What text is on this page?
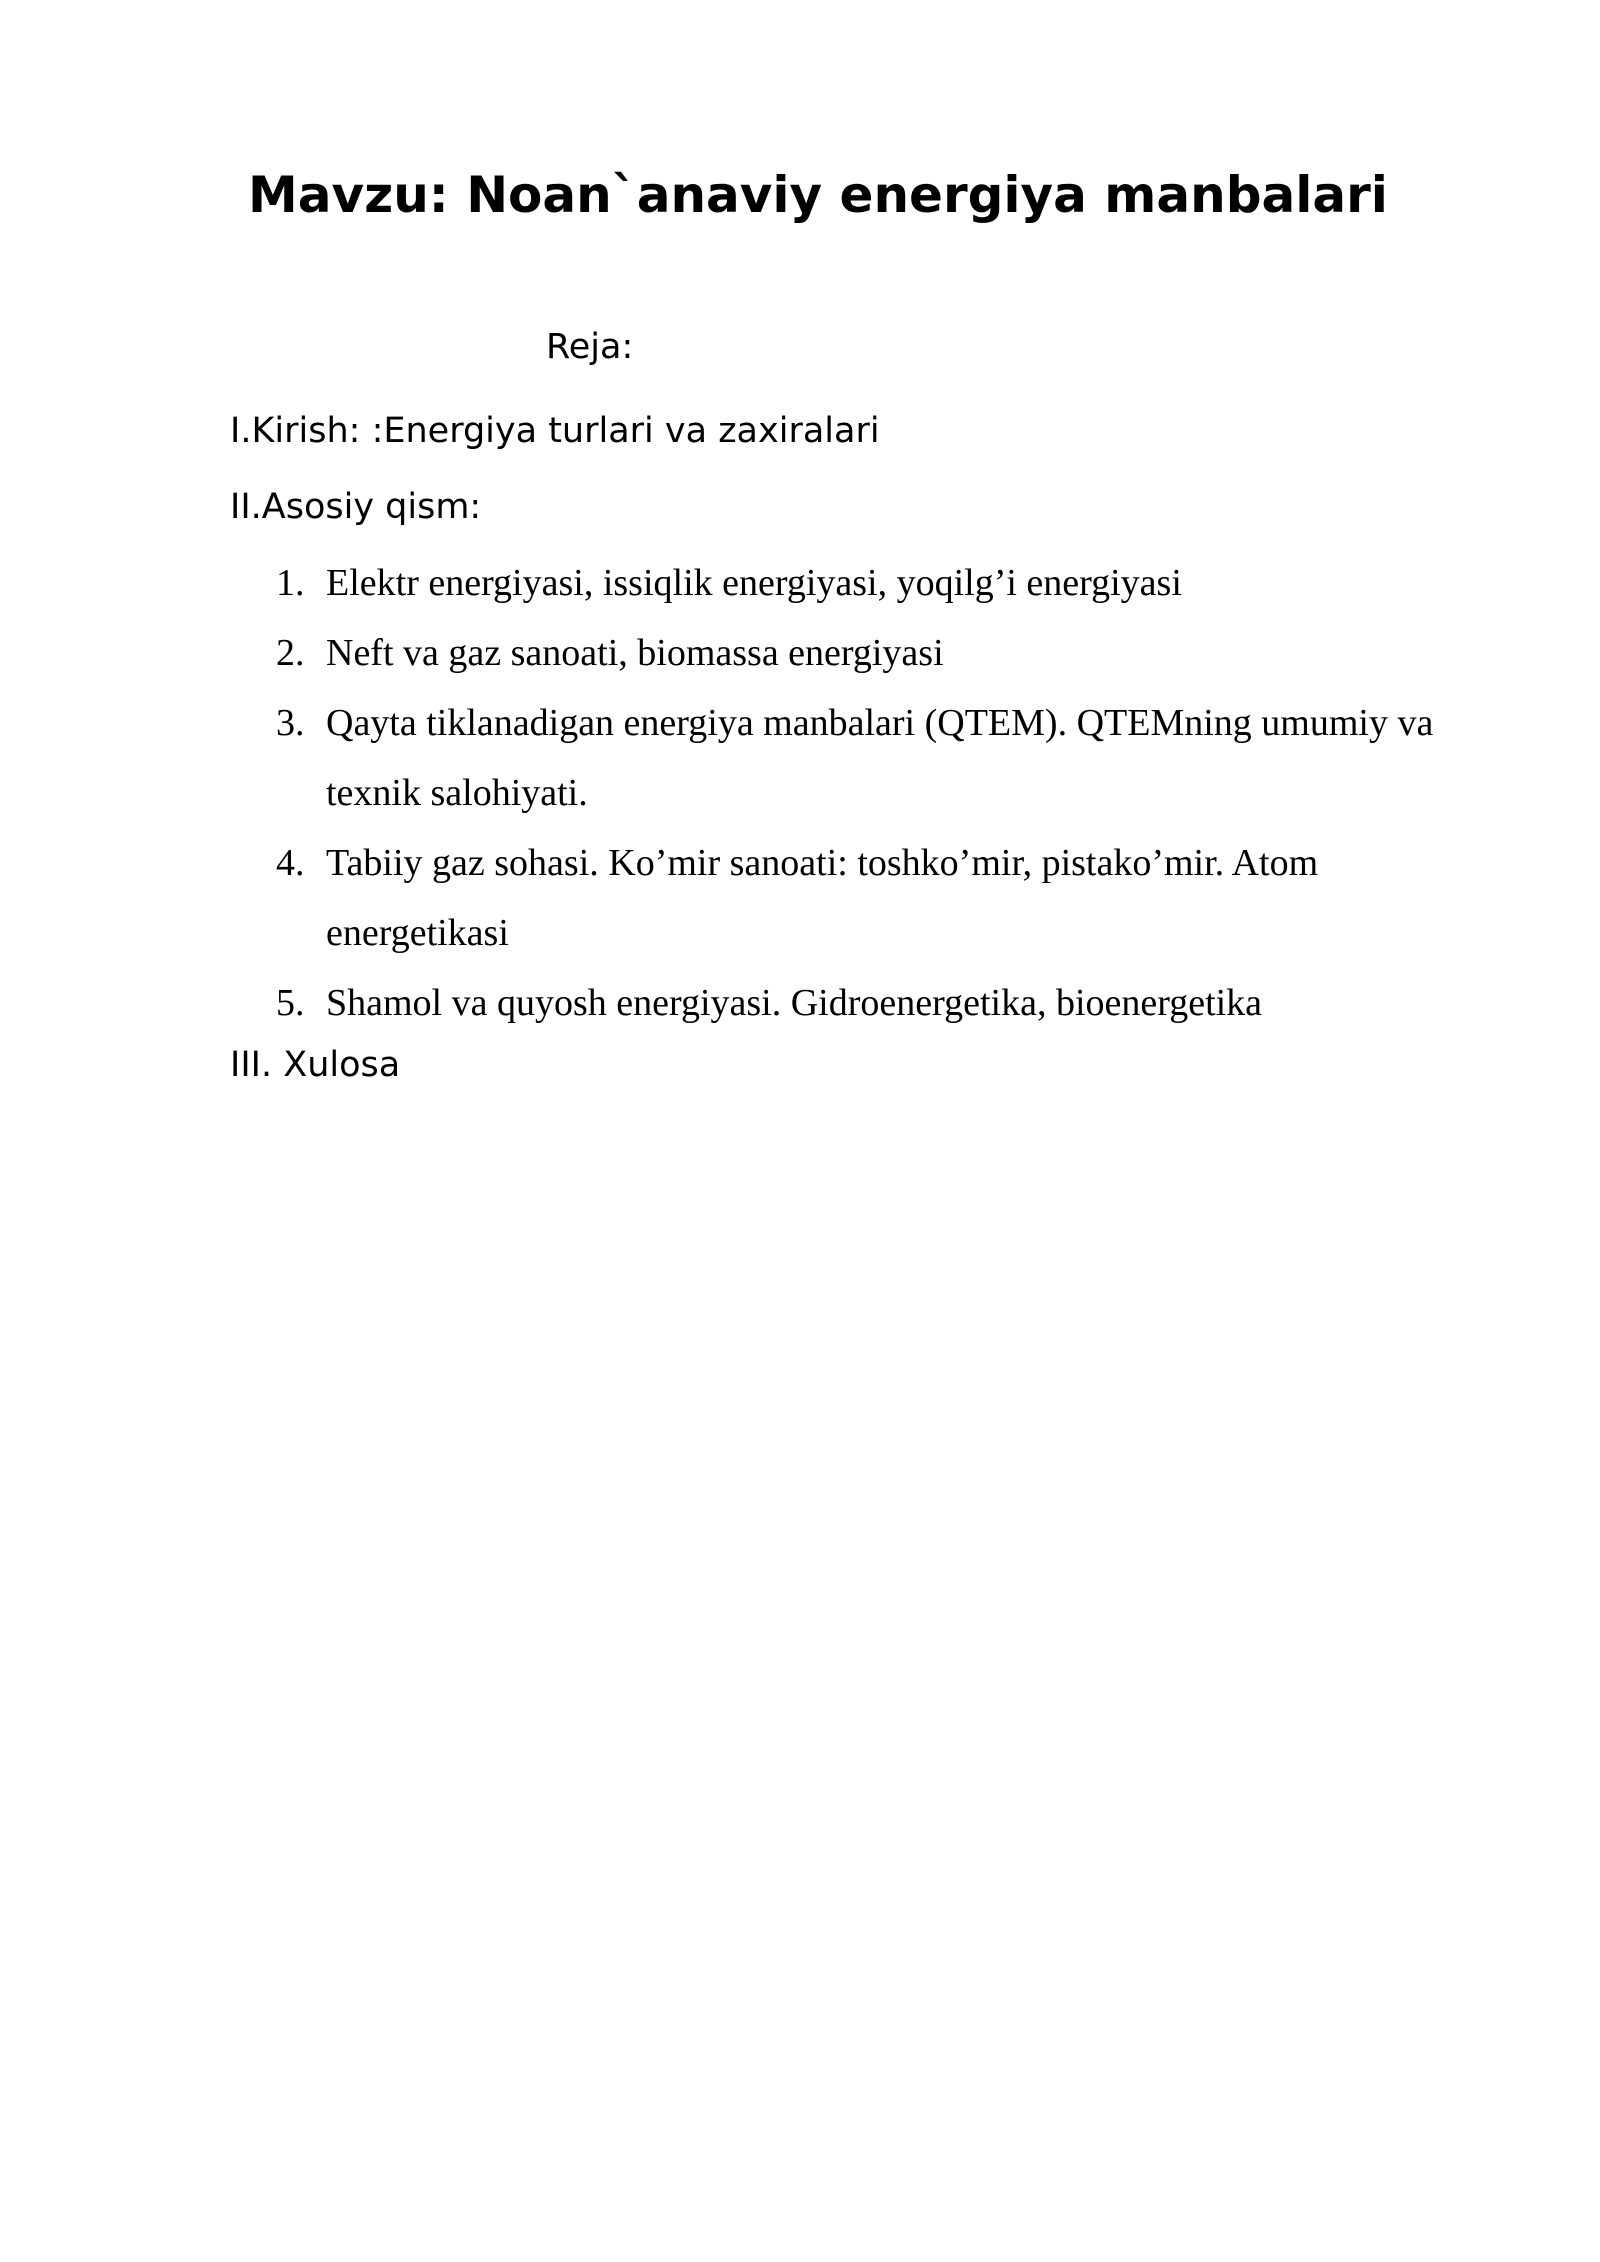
Mavzu: Noan`anaviy energiya manbalari

Reja:

I.Kirish: :Energiya turlari va zaxiralari

II.Asosiy qism:

1. Elektr energiyasi, issiqlik energiyasi, yoqilg’i energiyasi
2. Neft va gaz sanoati, biomassa energiyasi
3. Qayta tiklanadigan energiya manbalari (QTEM). QTEMning umumiy va texnik salohiyati.
4. Tabiiy gaz sohasi. Ko’mir sanoati: toshko’mir, pistako’mir. Atom energetikasi
5. Shamol va quyosh energiyasi. Gidroenergetika, bioenergetika

III. Xulosa
